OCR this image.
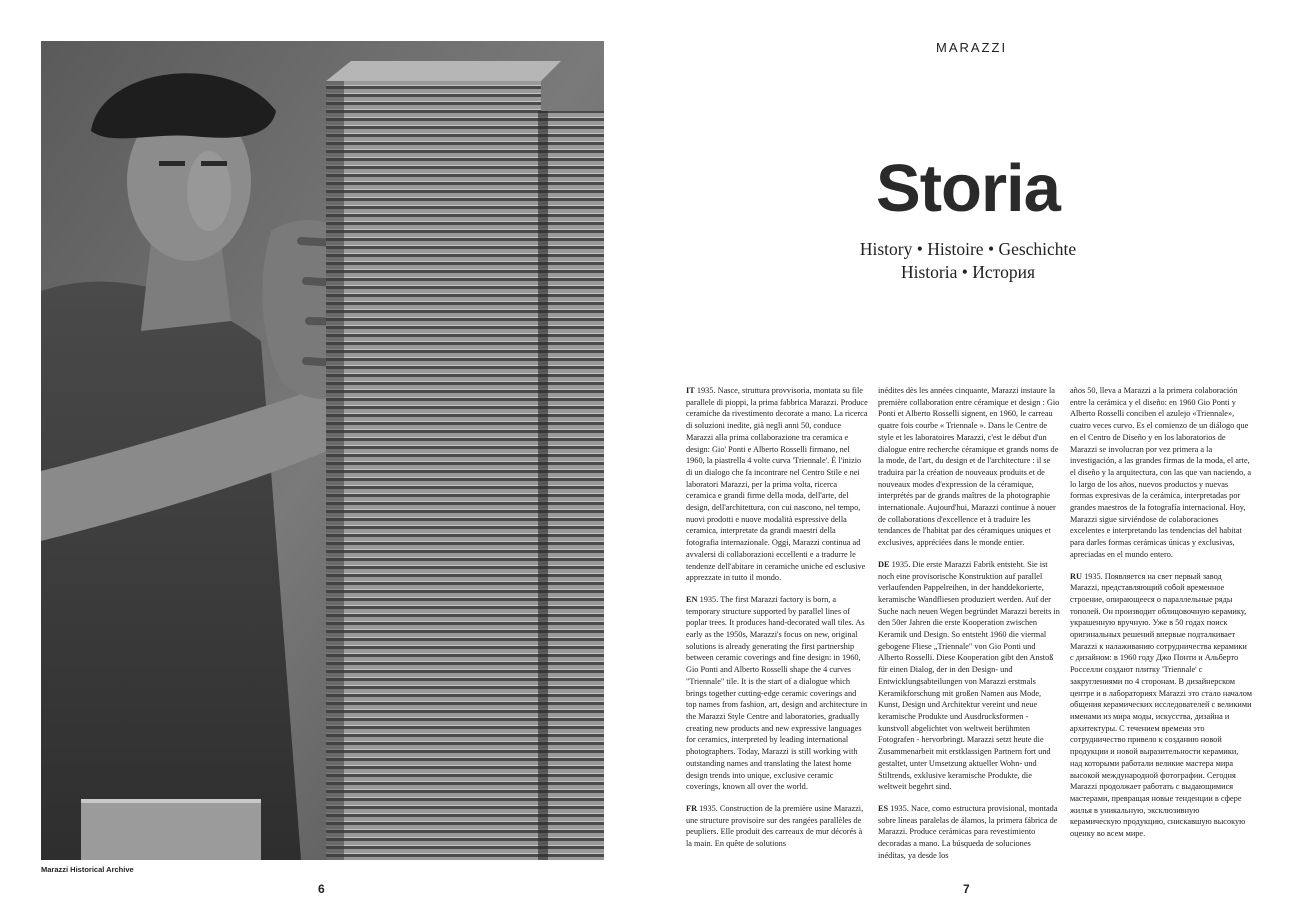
Marazzi Historical Archive
6
MARAZZI
Storia
History • Histoire • Geschichte
Historia • История

IT 1935. Nasce, struttura provvisoria, montata su file parallele di pioppi, la prima fabbrica Marazzi. Produce ceramiche da rivestimento decorate a mano. La ricerca di soluzioni inedite, già negli anni 50, conduce Marazzi alla prima collaborazione tra ceramica e design: Gio' Ponti e Alberto Rosselli firmano, nel 1960, la piastrella 4 volte curva 'Triennale'. È l'inizio di un dialogo che fa incontrare nel Centro Stile e nei laboratori Marazzi, per la prima volta, ricerca ceramica e grandi firme della moda, dell'arte, del design, dell'architettura, con cui nascono, nel tempo, nuovi prodotti e nuove modalità espressive della ceramica, interpretate da grandi maestri della fotografia internazionale. Oggi, Marazzi continua ad avvalersi di collaborazioni eccellenti e a tradurre le tendenze dell'abitare in ceramiche uniche ed esclusive apprezzate in tutto il mondo.

EN 1935. The first Marazzi factory is born, a temporary structure supported by parallel lines of poplar trees. It produces hand-decorated wall tiles. As early as the 1950s, Marazzi's focus on new, original solutions is already generating the first partnership between ceramic coverings and fine design: in 1960, Gio Ponti and Alberto Rosselli shape the 4 curves "Triennale" tile. It is the start of a dialogue which brings together cutting-edge ceramic coverings and top names from fashion, art, design and architecture in the Marazzi Style Centre and laboratories, gradually creating new products and new expressive languages for ceramics, interpreted by leading international photographers. Today, Marazzi is still working with outstanding names and translating the latest home design trends into unique, exclusive ceramic coverings, known all over the world.

FR 1935. Construction de la première usine Marazzi, une structure provisoire sur des rangées parallèles de peupliers. Elle produit des carreaux de mur décorés à la main. En quête de solutions

inédites dès les années cinquante, Marazzi instaure la première collaboration entre céramique et design : Gio Ponti et Alberto Rosselli signent, en 1960, le carreau quatre fois courbe « Triennale ». Dans le Centre de style et les laboratoires Marazzi, c'est le début d'un dialogue entre recherche céramique et grands noms de la mode, de l'art, du design et de l'architecture : il se traduira par la création de nouveaux produits et de nouveaux modes d'expression de la céramique, interprétés par de grands maîtres de la photographie internationale. Aujourd'hui, Marazzi continue à nouer de collaborations d'excellence et à traduire les tendances de l'habitat par des céramiques uniques et exclusives, appréciées dans le monde entier.

DE 1935. Die erste Marazzi Fabrik entsteht. Sie ist noch eine provisorische Konstruktion auf parallel verlaufenden Pappelreihen, in der handdekorierte, keramische Wandfliesen produziert werden. Auf der Suche nach neuen Wegen begründet Marazzi bereits in den 50er Jahren die erste Kooperation zwischen Keramik und Design. So entsteht 1960 die viermal gebogene Fliese „Triennale" von Gio Ponti und Alberto Rosselli. Diese Kooperation gibt den Anstoß für einen Dialog, der in den Design- und Entwicklungsabteilungen von Marazzi erstmals Keramikforschung mit großen Namen aus Mode, Kunst, Design und Architektur vereint und neue keramische Produkte und Ausdrucksformen - kunstvoll abgelichtet von weltweit berühmten Fotografen - hervorbringt. Marazzi setzt heute die Zusammenarbeit mit erstklassigen Partnern fort und gestaltet, unter Umsetzung aktueller Wohn- und Stiltrends, exklusive keramische Produkte, die weltweit begehrt sind.

ES 1935. Nace, como estructura provisional, montada sobre líneas paralelas de álamos, la primera fábrica de Marazzi. Produce cerámicas para revestimiento decoradas a mano. La búsqueda de soluciones inéditas, ya desde los

años 50, lleva a Marazzi a la primera colaboración entre la cerámica y el diseño: en 1960 Gio Ponti y Alberto Rosselli conciben el azulejo «Triennale», cuatro veces curvo. Es el comienzo de un diálogo que en el Centro de Diseño y en los laboratorios de Marazzi se involucran por vez primera a la investigación, a las grandes firmas de la moda, el arte, el diseño y la arquitectura, con las que van naciendo, a lo largo de los años, nuevos productos y nuevas formas expresivas de la cerámica, interpretadas por grandes maestros de la fotografía internacional. Hoy, Marazzi sigue sirviéndose de colaboraciones excelentes e interpretando las tendencias del habitat para darles formas cerámicas únicas y exclusivas, apreciadas en el mundo entero.

RU 1935. Появляется на свет первый завод Marazzi, представляющий собой временное строение, опирающееся о параллельные ряды тополей. Он производит облицовочную керамику, украшенную вручную. Уже в 50 годах поиск оригинальных решений впервые подталкивает Marazzi к налаживанию сотрудничества керамики с дизайном: в 1960 году Джо Понти и Альберто Росселли создают плитку 'Triennale' с закруглениями по 4 сторонам. В дизайнерском центре и в лабораториях Marazzi это стало началом общения керамических исследователей с великими именами из мира моды, искусства, дизайна и архитектуры. С течением времени это сотрудничество привело к созданию новой продукции и новой выразительности керамики, над которыми работали великие мастера мира высокой международной фотографии. Сегодня Marazzi продолжает работать с выдающимися мастерами, превращая новые тенденции в сфере жилья в уникальную, эксклюзивную керамическую продукцию, снискавшую высокую оценку во всем мире.

7
